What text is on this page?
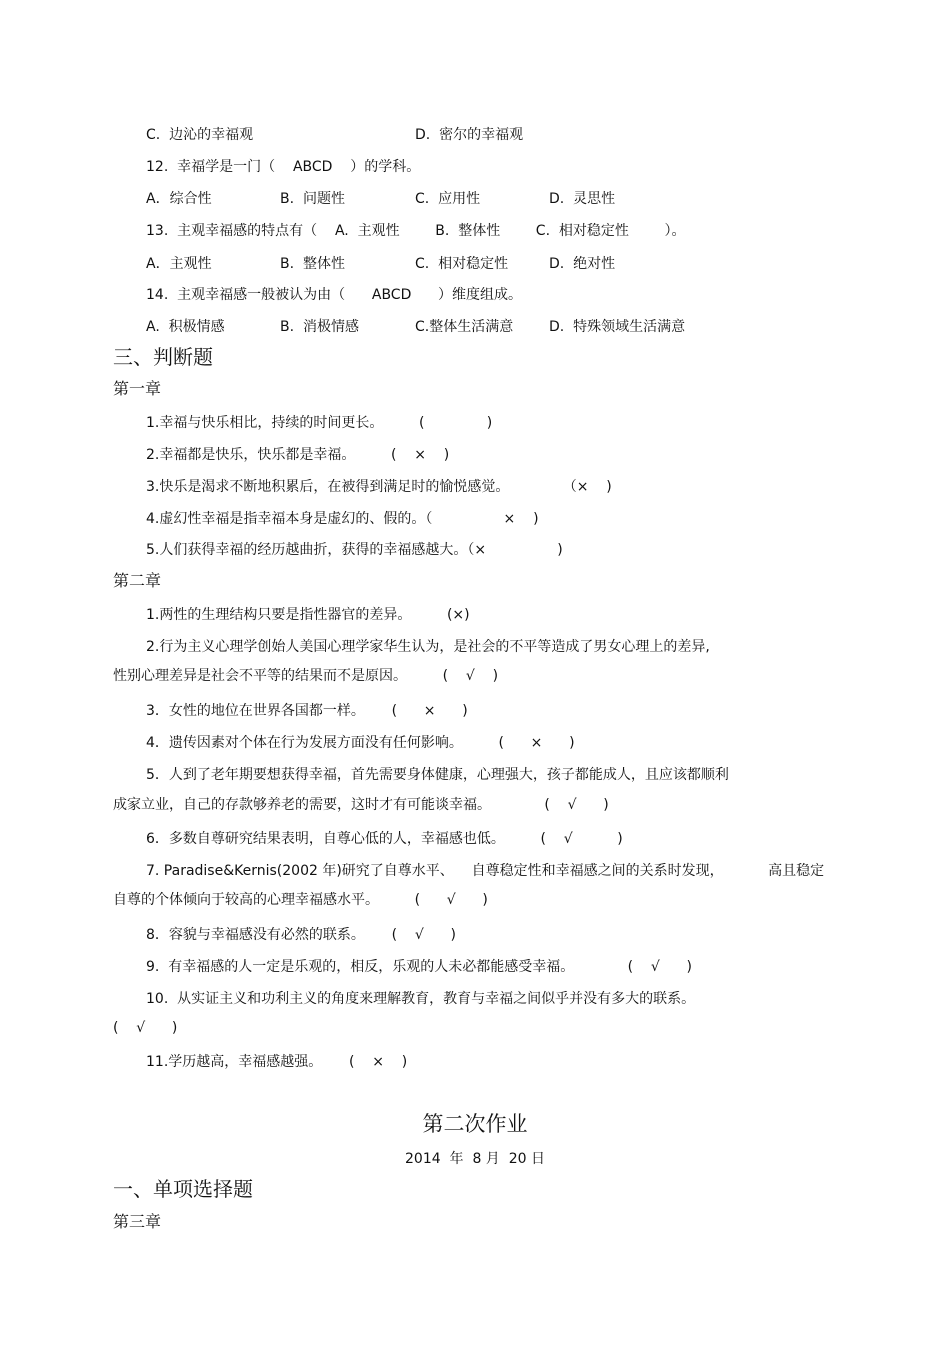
C.  边沁的幸福观	D.  密尔的幸福观
12.  幸福学是一门（    ABCD    ）的学科。
A．综合性	B.  问题性	C.  应用性	D.  灵思性
13.  主观幸福感的特点有（    A.  主观性        B.  整体性        C.  相对稳定性        ）。
A．主观性	B.  整体性	C.  相对稳定性	D.  绝对性
14.  主观幸福感一般被认为由（      ABCD      ）维度组成。
A.  积极情感	B.  消极情感	C.整体生活满意	D.  特殊领域生活满意
三、判断题
第一章
1.幸福与快乐相比，持续的时间更长。        (              )
2.幸福都是快乐，快乐都是幸福。        (    ×    )
3.快乐是渴求不断地积累后，在被得到满足时的愉悦感觉。            （×    )
4.虚幻性幸福是指幸福本身是虚幻的、假的。（                ×    )
5.人们获得幸福的经历越曲折，获得的幸福感越大。（×                )
第二章
1.两性的生理结构只要是指性器官的差异。        (×)
2.行为主义心理学创始人美国心理学家华生认为，是社会的不平等造成了男女心理上的差异,
性别心理差异是社会不平等的结果而不是原因。        (    √    )
3．女性的地位在世界各国都一样。      (      ×      )
4．遗传因素对个体在行为发展方面没有任何影响。        (      ×      )
5．人到了老年期要想获得幸福，首先需要身体健康，心理强大，孩子都能成人，且应该都顺利
成家立业，自己的存款够养老的需要，这时才有可能谈幸福。            (    √      )
6．多数自尊研究结果表明，自尊心低的人，幸福感也低。        (    √          )
7. Paradise&Kernis(2002 年)研究了自尊水平、    自尊稳定性和幸福感之间的关系时发现，          高且稳定
自尊的个体倾向于较高的心理幸福感水平。        (      √      )
8．容貌与幸福感没有必然的联系。      (    √      )
9.  有幸福感的人一定是乐观的，相反，乐观的人未必都能感受幸福。            (    √      )
10.  从实证主义和功利主义的角度来理解教育，教育与幸福之间似乎并没有多大的联系。
(    √      )
11.学历越高，幸福感越强。      (    ×    )
第二次作业
2014  年  8 月  20 日
一、单项选择题
第三章
